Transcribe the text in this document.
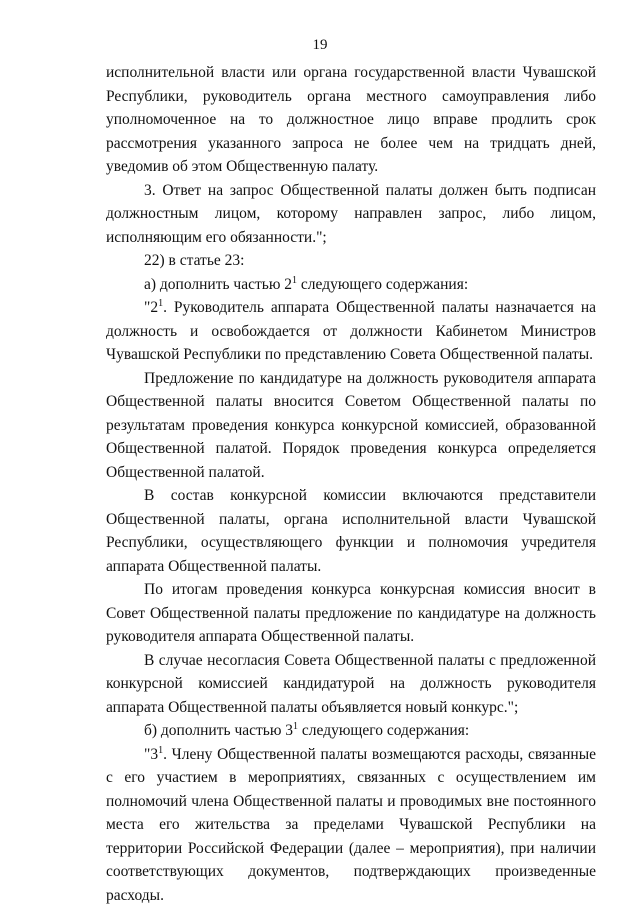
19

исполнительной власти или органа государственной власти Чувашской Республики, руководитель органа местного самоуправления либо уполномоченное на то должностное лицо вправе продлить срок рассмотрения указанного запроса не более чем на тридцать дней, уведомив об этом Общественную палату.

3. Ответ на запрос Общественной палаты должен быть подписан должностным лицом, которому направлен запрос, либо лицом, исполняющим его обязанности.";

22) в статье 23:

а) дополнить частью $2^1$ следующего содержания:

"$2^1$. Руководитель аппарата Общественной палаты назначается на должность и освобождается от должности Кабинетом Министров Чувашской Республики по представлению Совета Общественной палаты.

Предложение по кандидатуре на должность руководителя аппарата Общественной палаты вносится Советом Общественной палаты по результатам проведения конкурса конкурсной комиссией, образованной Общественной палатой. Порядок проведения конкурса определяется Общественной палатой.

В состав конкурсной комиссии включаются представители Общественной палаты, органа исполнительной власти Чувашской Республики, осуществляющего функции и полномочия учредителя аппарата Общественной палаты.

По итогам проведения конкурса конкурсная комиссия вносит в Совет Общественной палаты предложение по кандидатуре на должность руководителя аппарата Общественной палаты.

В случае несогласия Совета Общественной палаты с предложенной конкурсной комиссией кандидатурой на должность руководителя аппарата Общественной палаты объявляется новый конкурс.";

б) дополнить частью $3^1$ следующего содержания:

"$3^1$. Члену Общественной палаты возмещаются расходы, связанные с его участием в мероприятиях, связанных с осуществлением им полномочий члена Общественной палаты и проводимых вне постоянного места его жительства за пределами Чувашской Республики на территории Российской Федерации (далее – мероприятия), при наличии соответствующих документов, подтверждающих произведенные расходы.
